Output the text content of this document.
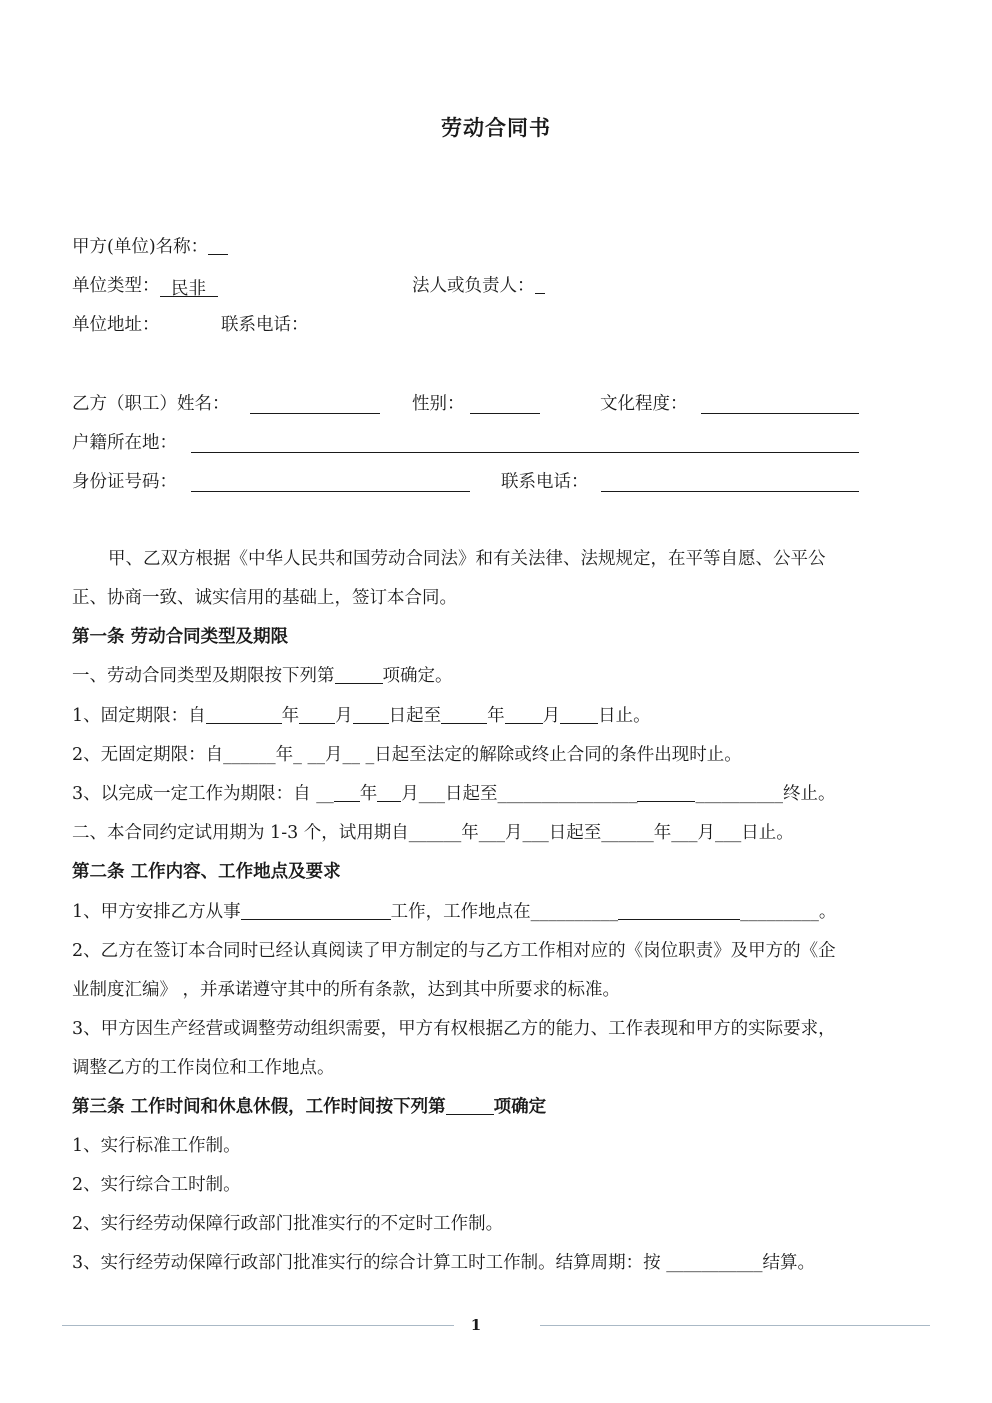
劳动合同书
甲方(单位)名称：
单位类型： 民非	法人或负责人：
单位地址：	联系电话：
乙方（职工）姓名：	性别：	文化程度：
户籍所在地：
身份证号码：	联系电话：
甲、乙双方根据《中华人民共和国劳动合同法》和有关法律、法规规定，在平等自愿、公平公
正、协商一致、诚实信用的基础上，签订本合同。
第一条 劳动合同类型及期限
一、劳动合同类型及期限按下列第	项确定。
1、固定期限：自	年 月 日起至	年 月 日止。
2、无固定期限：自______年_ __月__ _日起至法定的解除或终止合同的条件出现时止。
3、以完成一定工作为期限：自 __ 年 月___日起至________________	__________终止。
二、本合同约定试用期为 1-3 个，试用期自______年___月___日起至______年___月___日止。
第二条 工作内容、工作地点及要求
1、甲方安排乙方从事	工作，工作地点在__________	_________。
2、乙方在签订本合同时已经认真阅读了甲方制定的与乙方工作相对应的《岗位职责》及甲方的《企
业制度汇编》 ，并承诺遵守其中的所有条款，达到其中所要求的标准。
3、甲方因生产经营或调整劳动组织需要，甲方有权根据乙方的能力、工作表现和甲方的实际要求，
调整乙方的工作岗位和工作地点。
第三条 工作时间和休息休假，工作时间按下列第	项确定
1、实行标准工作制。
2、实行综合工时制。
2、实行经劳动保障行政部门批准实行的不定时工作制。
3、实行经劳动保障行政部门批准实行的综合计算工时工作制。结算周期：按 ___________结算。
1
